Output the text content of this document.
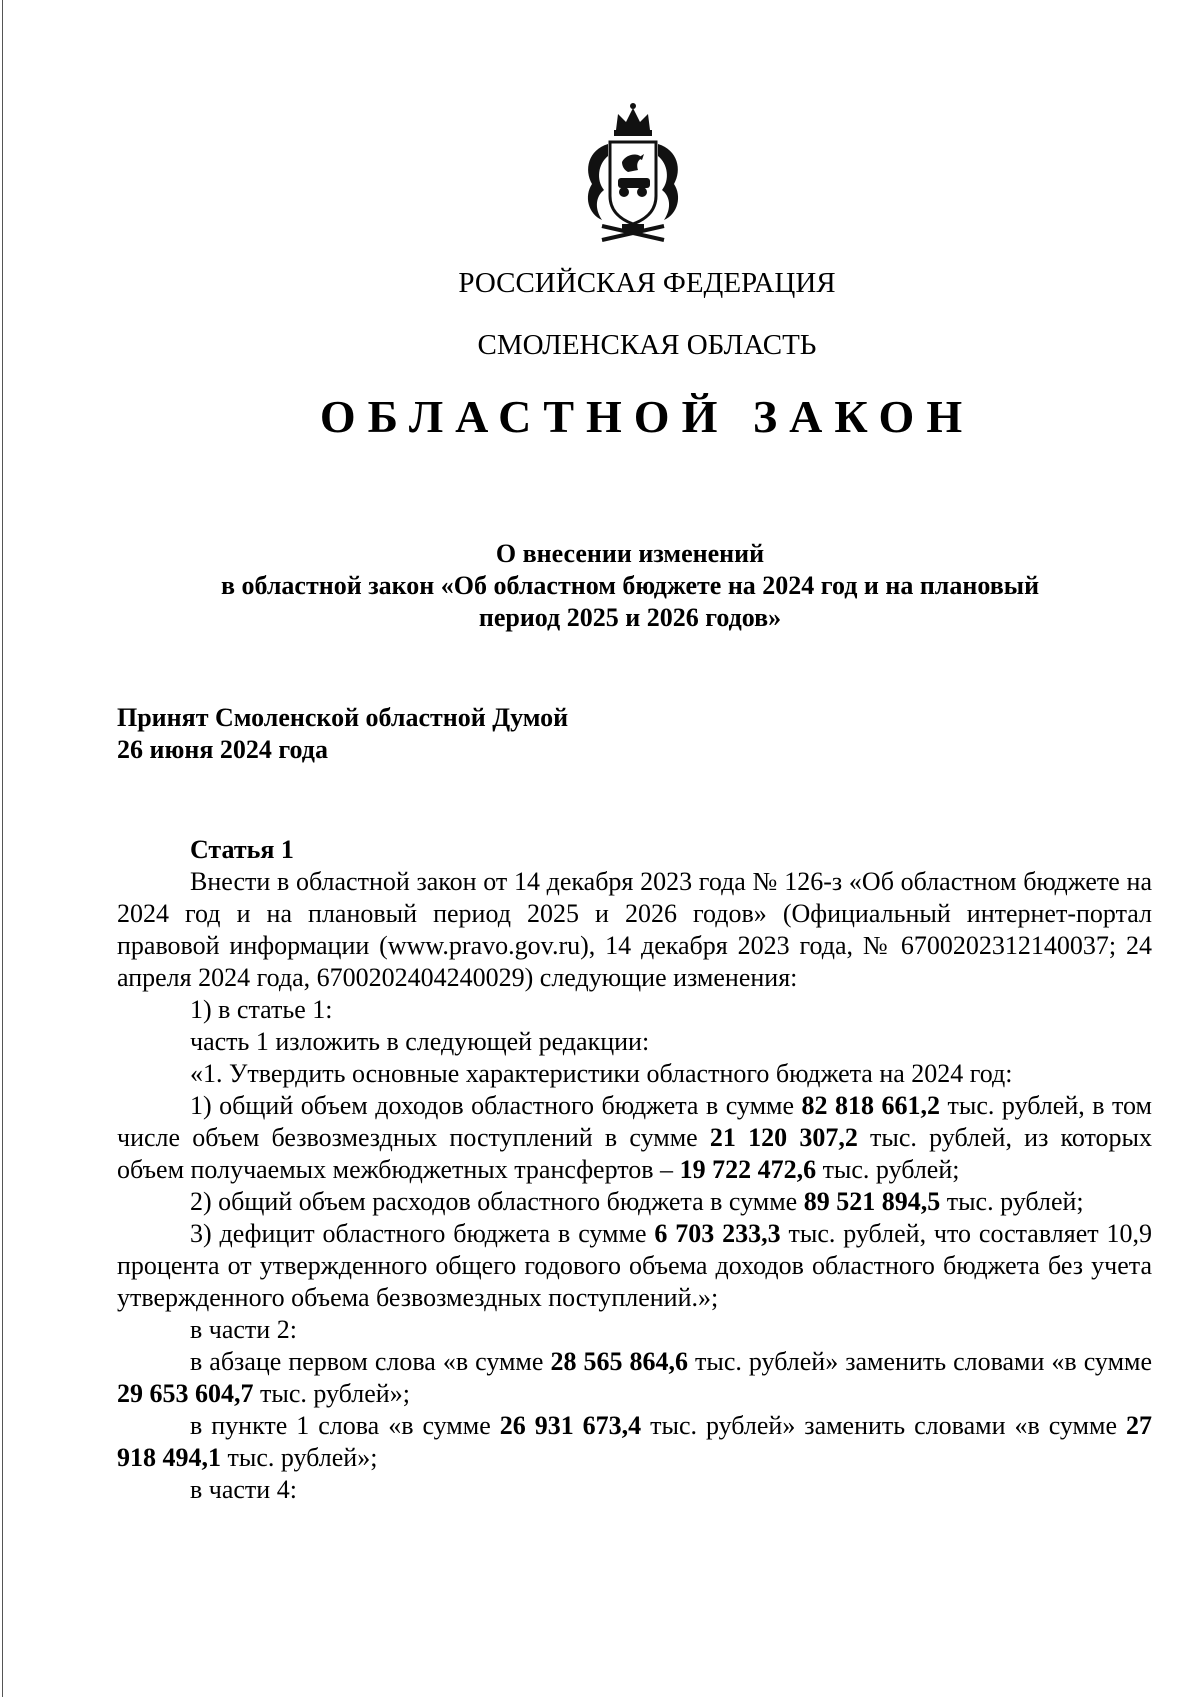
РОССИЙСКАЯ ФЕДЕРАЦИЯ
СМОЛЕНСКАЯ ОБЛАСТЬ
ОБЛАСТНОЙ ЗАКОН
О внесении изменений
в областной закон «Об областном бюджете на 2024 год и на плановый
период 2025 и 2026 годов»
Принят Смоленской областной Думой
26 июня 2024 года

Статья 1

Внести в областной закон от 14 декабря 2023 года № 126-з «Об областном бюджете на 2024 год и на плановый период 2025 и 2026 годов» (Официальный интернет-портал правовой информации (www.pravo.gov.ru), 14 декабря 2023 года, № 6700202312140037; 24 апреля 2024 года, 6700202404240029) следующие изменения:

1) в статье 1:

часть 1 изложить в следующей редакции:

«1. Утвердить основные характеристики областного бюджета на 2024 год:

1) общий объем доходов областного бюджета в сумме 82 818 661,2 тыс. рублей, в том числе объем безвозмездных поступлений в сумме 21 120 307,2 тыс. рублей, из которых объем получаемых межбюджетных трансфертов – 19 722 472,6 тыс. рублей;

2) общий объем расходов областного бюджета в сумме 89 521 894,5 тыс. рублей;

3) дефицит областного бюджета в сумме 6 703 233,3 тыс. рублей, что составляет 10,9 процента от утвержденного общего годового объема доходов областного бюджета без учета утвержденного объема безвозмездных поступлений.»;

в части 2:

в абзаце первом слова «в сумме 28 565 864,6 тыс. рублей» заменить словами «в сумме 29 653 604,7 тыс. рублей»;

в пункте 1 слова «в сумме 26 931 673,4 тыс. рублей» заменить словами «в сумме 27 918 494,1 тыс. рублей»;

в части 4:
